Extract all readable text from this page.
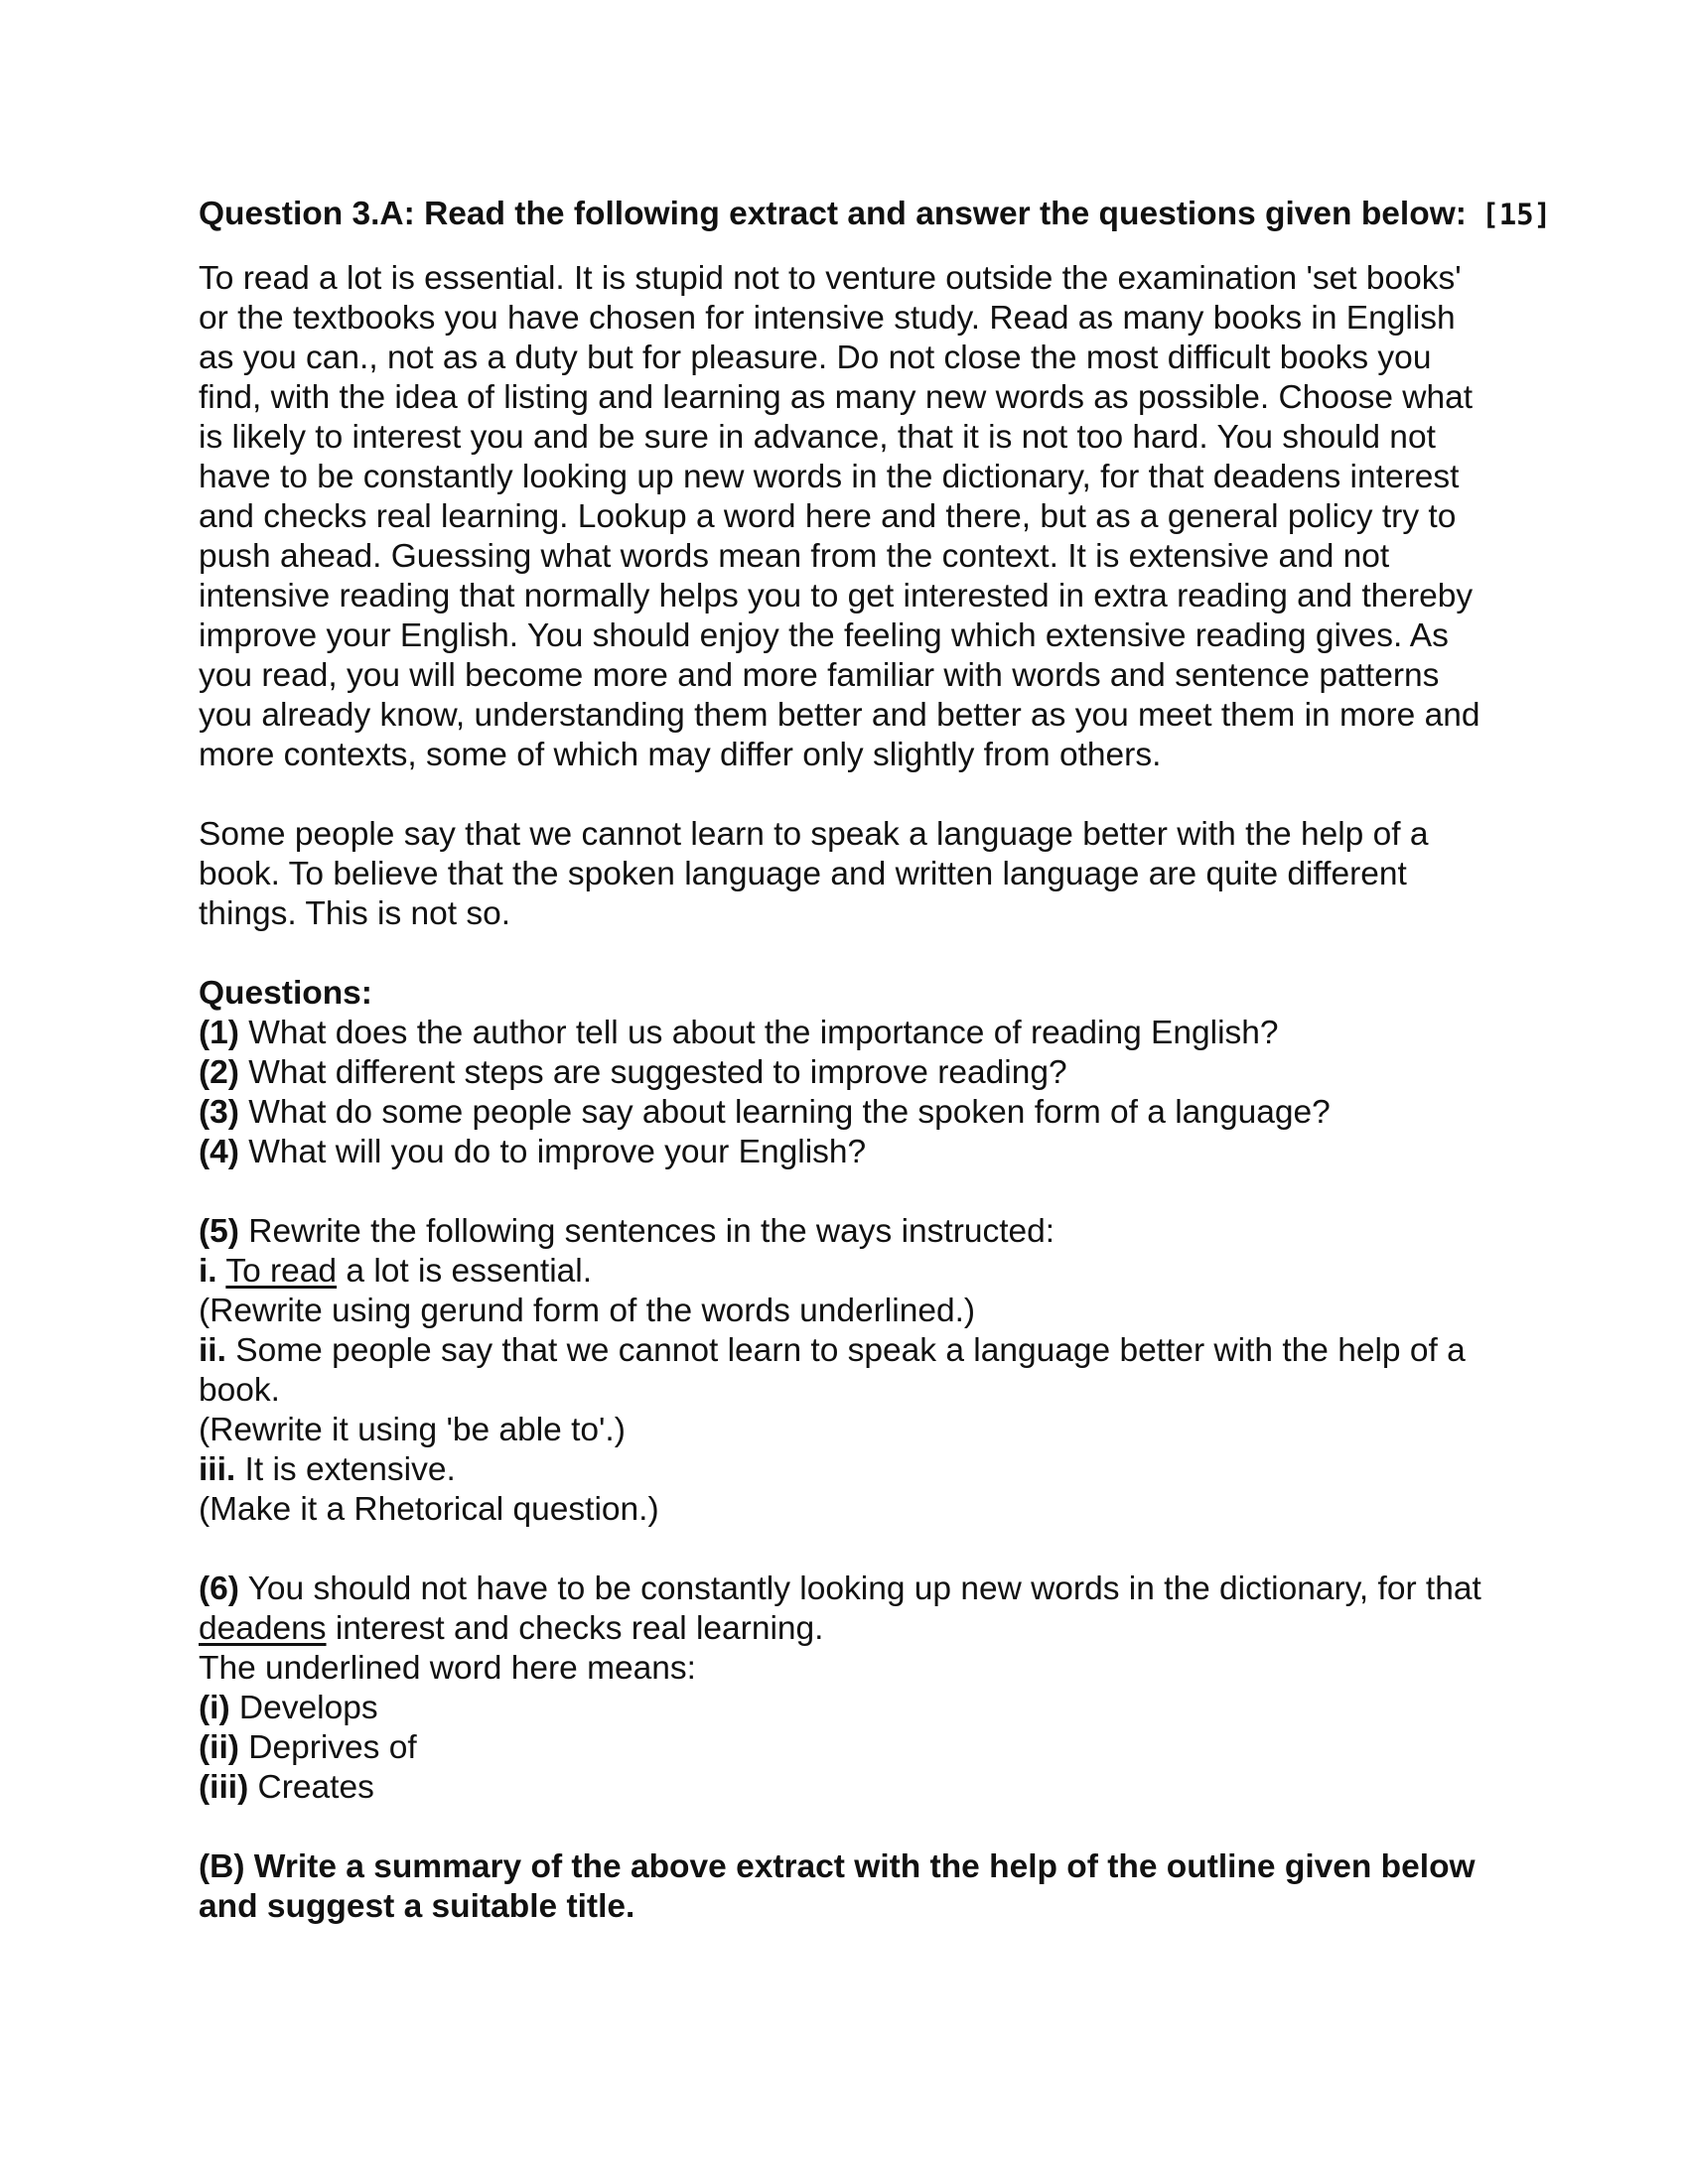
Question 3.A: Read the following extract and answer the questions given below: [15]

To read a lot is essential. It is stupid not to venture outside the examination 'set books' or the textbooks you have chosen for intensive study. Read as many books in English as you can., not as a duty but for pleasure. Do not close the most difficult books you find, with the idea of listing and learning as many new words as possible. Choose what is likely to interest you and be sure in advance, that it is not too hard. You should not have to be constantly looking up new words in the dictionary, for that deadens interest and checks real learning. Lookup a word here and there, but as a general policy try to push ahead. Guessing what words mean from the context. It is extensive and not intensive reading that normally helps you to get interested in extra reading and thereby improve your English. You should enjoy the feeling which extensive reading gives. As you read, you will become more and more familiar with words and sentence patterns you already know, understanding them better and better as you meet them in more and more contexts, some of which may differ only slightly from others.

Some people say that we cannot learn to speak a language better with the help of a book. To believe that the spoken language and written language are quite different things. This is not so.

Questions:

(1) What does the author tell us about the importance of reading English?

(2) What different steps are suggested to improve reading?

(3) What do some people say about learning the spoken form of a language?

(4) What will you do to improve your English?

(5) Rewrite the following sentences in the ways instructed:

i. To read a lot is essential.

(Rewrite using gerund form of the words underlined.)

ii. Some people say that we cannot learn to speak a language better with the help of a book.

(Rewrite it using 'be able to'.)

iii. It is extensive.

(Make it a Rhetorical question.)

(6) You should not have to be constantly looking up new words in the dictionary, for that deadens interest and checks real learning.

The underlined word here means:

(i) Develops

(ii) Deprives of

(iii) Creates

(B) Write a summary of the above extract with the help of the outline given below and suggest a suitable title.
